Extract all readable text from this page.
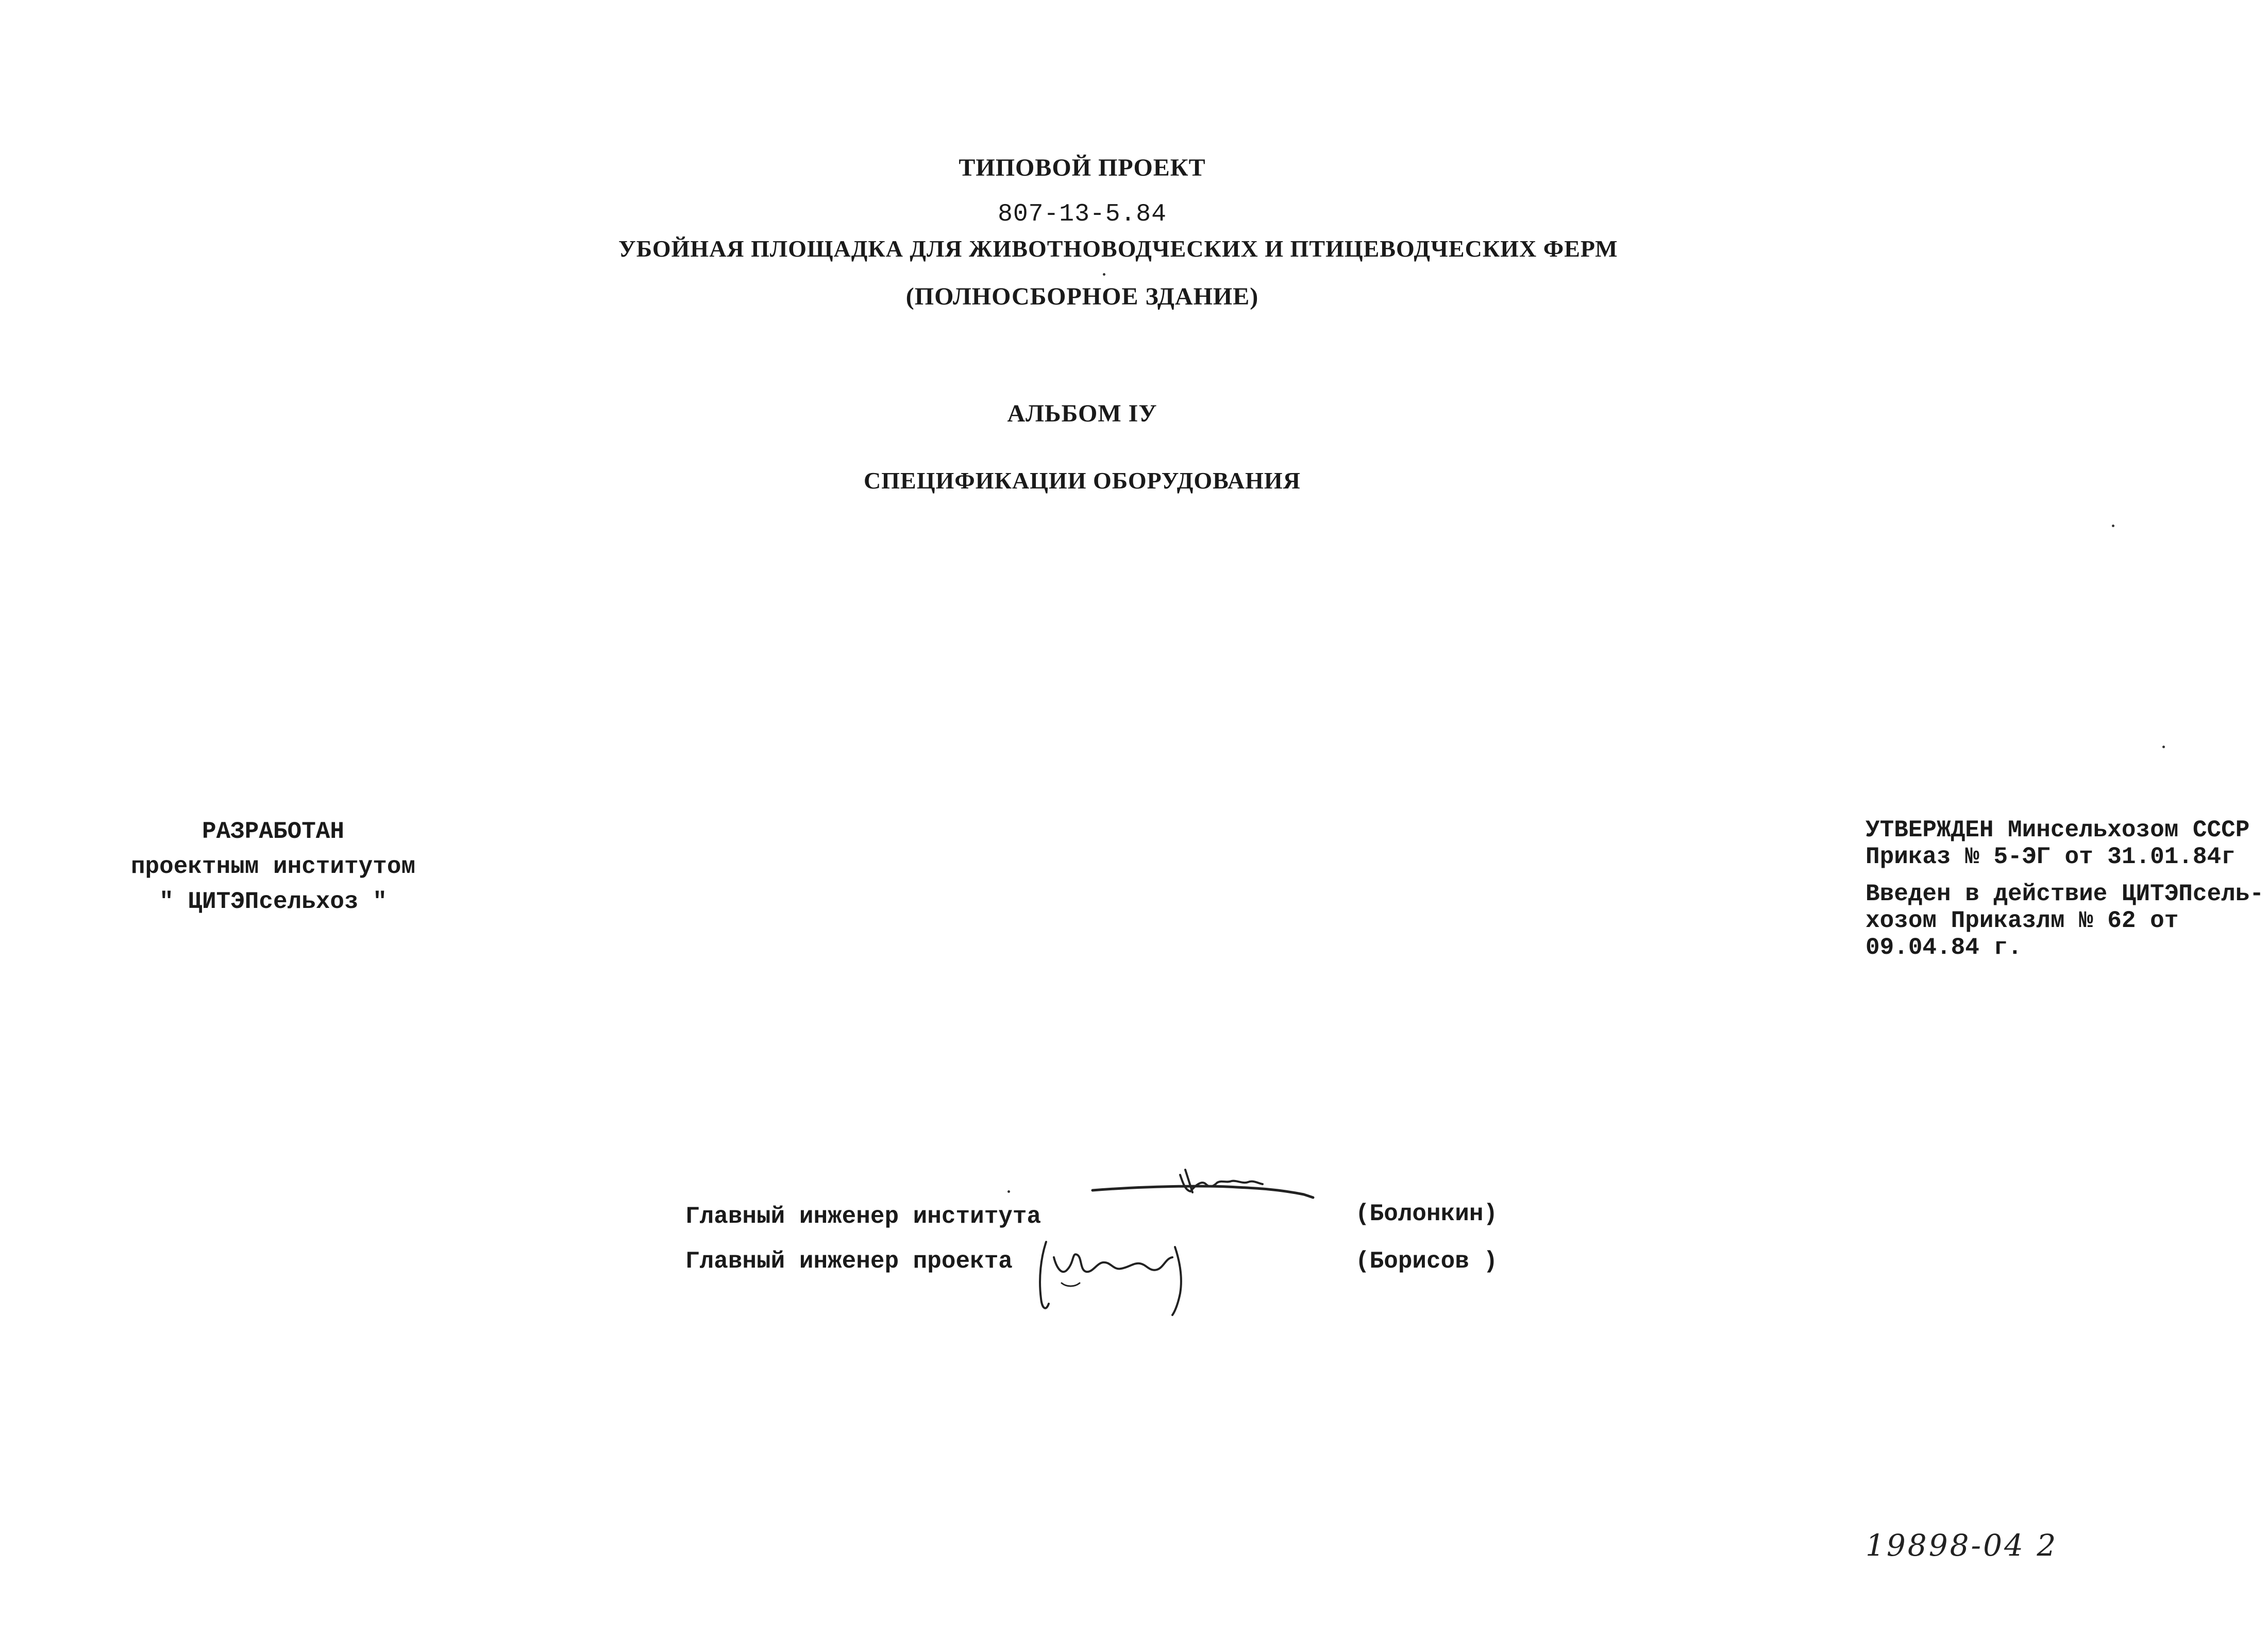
ТИПОВОЙ ПРОЕКТ
807-13-5.84
УБОЙНАЯ ПЛОЩАДКА ДЛЯ ЖИВОТНОВОДЧЕСКИХ И ПТИЦЕВОДЧЕСКИХ ФЕРМ
(ПОЛНОСБОРНОЕ ЗДАНИЕ)
АЛЬБОМ IУ
СПЕЦИФИКАЦИИ ОБОРУДОВАНИЯ
РАЗРАБОТАН
проектным институтом
" ЦИТЭПсельхоз "
УТВЕРЖДЕН Минсельхозом СССР
Приказ № 5-ЭГ от 31.01.84г
Введен в действие ЦИТЭПсель-
хозом Приказлм № 62 от
09.04.84 г.
Главный инженер института	(Болонкин)
Главный инженер проекта	(Борисов )
19898-04 2
